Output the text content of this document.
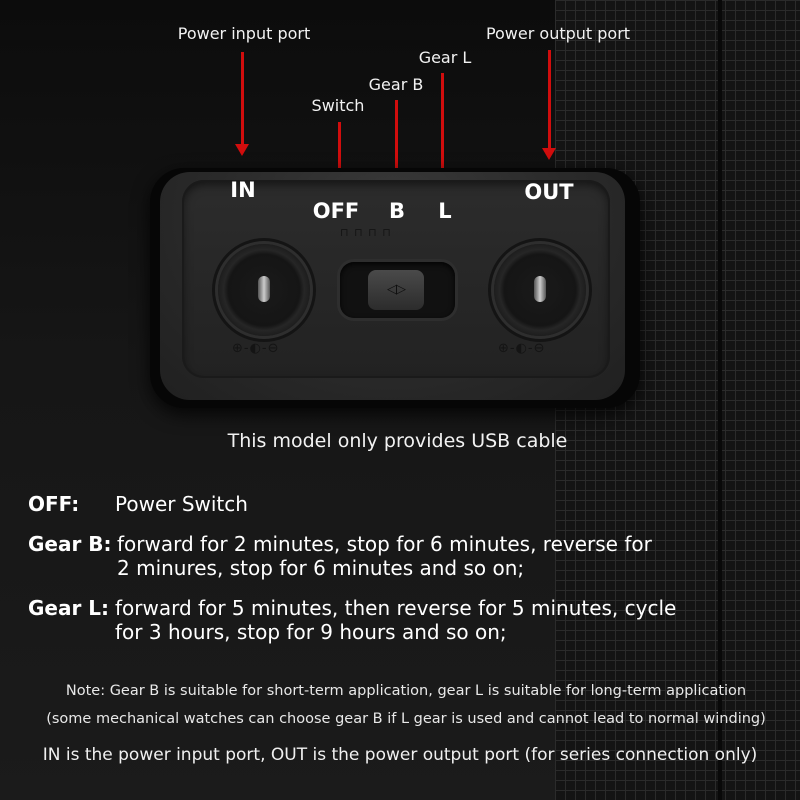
Power input port
Switch
Gear B
Gear L
Power output port
IN
OFF B L
OUT
⊓ ⊓ ⊓ ⊓
◁▷
⊕-◐-⊖	⊕-◐-⊖
This model only provides USB cable
OFF: Power Switch
Gear B: forward for 2 minutes, stop for 6 minutes, reverse for
2 minures, stop for 6 minutes and so on;
Gear L: forward for 5 minutes, then reverse for 5 minutes, cycle
for 3 hours, stop for 9 hours and so on;
Note: Gear B is suitable for short-term application, gear L is suitable for long-term application
(some mechanical watches can choose gear B if L gear is used and cannot lead to normal winding)
IN is the power input port, OUT is the power output port (for series connection only)
